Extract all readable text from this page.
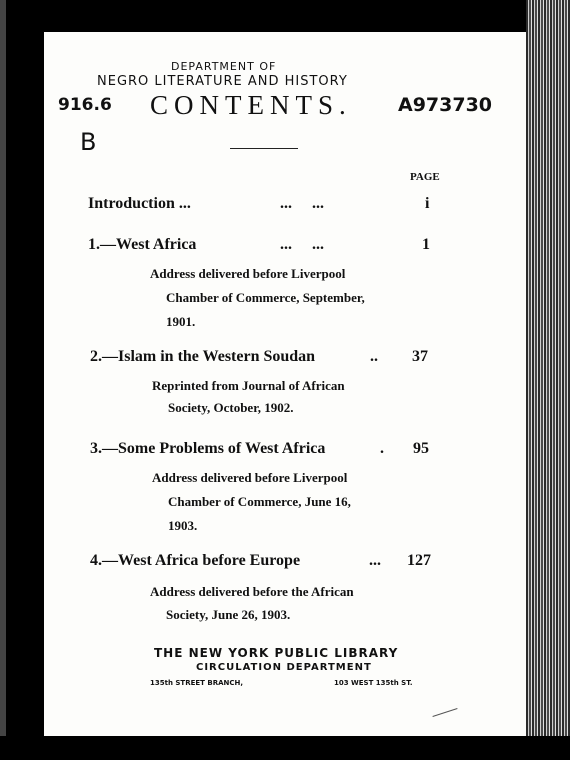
DEPARTMENT OF
NEGRO LITERATURE AND HISTORY
916.6 CONTENTS. A973730
B
PAGE
Introduction ...	...     ...	i
1.—West Africa	...     ...	1
Address delivered before Liverpool
Chamber of Commerce, September,
1901.
2.—Islam in the Western Soudan	.. 37
Reprinted from Journal of African
Society, October, 1902.
3.—Some Problems of West Africa	. 95
Address delivered before Liverpool
Chamber of Commerce, June 16,
1903.
4.—West Africa before Europe	... 127
Address delivered before the African
Society, June 26, 1903.
THE NEW YORK PUBLIC LIBRARY
CIRCULATION DEPARTMENT
135th STREET BRANCH,	103 WEST 135th ST.
